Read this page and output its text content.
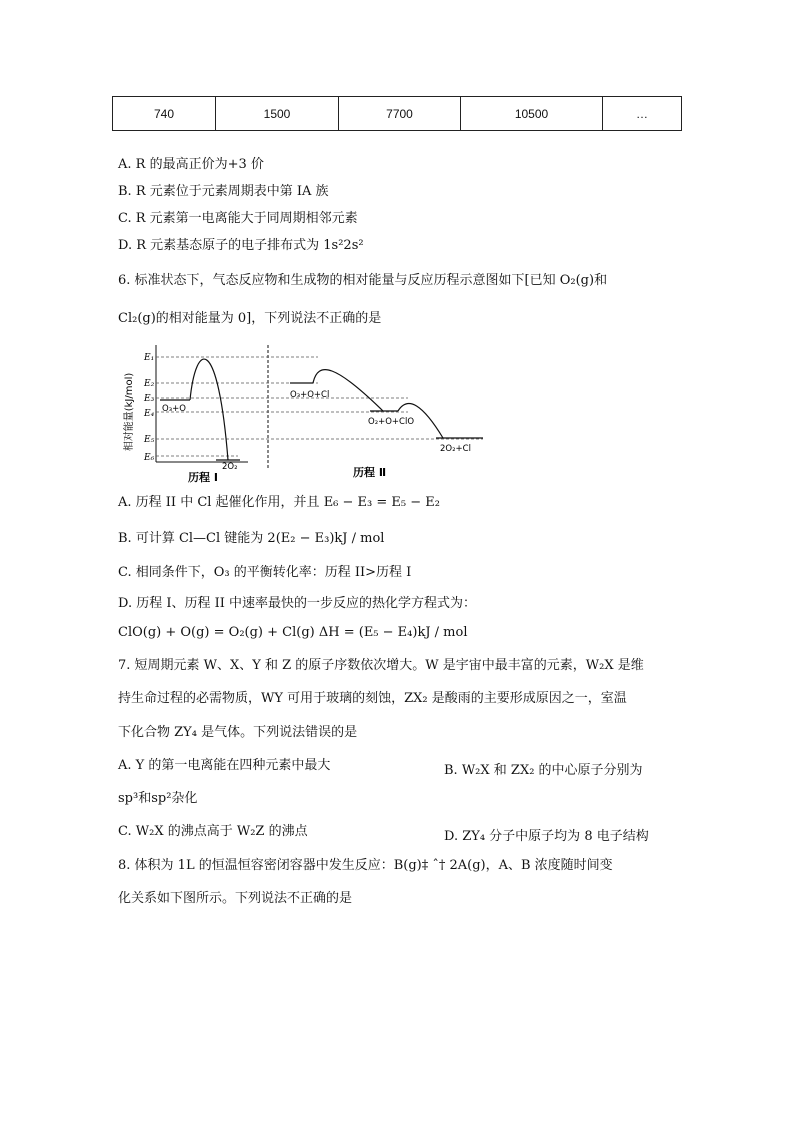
740	1500	7700	10500	…
A. R 的最高正价为+3 价
B. R 元素位于元素周期表中第 IA 族
C. R 元素第一电离能大于同周期相邻元素
D. R 元素基态原子的电子排布式为 1s²2s²
6. 标准状态下，气态反应物和生成物的相对能量与反应历程示意图如下[已知 O₂(g)和
Cl₂(g)的相对能量为 0]，下列说法不正确的是
相对能量(kJ/mol)
E₁
E₂
E₃
E₄
E₅
E₆
O₃+O
2O₂
O₃+O+Cl
O₂+O+ClO
2O₂+Cl
历程 Ⅰ	历程 Ⅱ
A. 历程 II 中 Cl 起催化作用，并且 E₆ − E₃ = E₅ − E₂
B. 可计算 Cl—Cl 键能为 2(E₂ − E₃)kJ / mol
C. 相同条件下，O₃ 的平衡转化率：历程 II>历程 I
D. 历程 I、历程 II 中速率最快的一步反应的热化学方程式为：
ClO(g) + O(g) = O₂(g) + Cl(g) ΔH = (E₅ − E₄)kJ / mol
7. 短周期元素 W、X、Y 和 Z 的原子序数依次增大。W 是宇宙中最丰富的元素，W₂X 是维
持生命过程的必需物质，WY 可用于玻璃的刻蚀，ZX₂ 是酸雨的主要形成原因之一，室温
下化合物 ZY₄ 是气体。下列说法错误的是
A. Y 的第一电离能在四种元素中最大	B. W₂X 和 ZX₂ 的中心原子分别为
sp³和sp²杂化
C. W₂X 的沸点高于 W₂Z 的沸点	D. ZY₄ 分子中原子均为 8 电子结构
8. 体积为 1L 的恒温恒容密闭容器中发生反应：B(g)‡ ˆ† 2A(g)，A、B 浓度随时间变
化关系如下图所示。下列说法不正确的是
